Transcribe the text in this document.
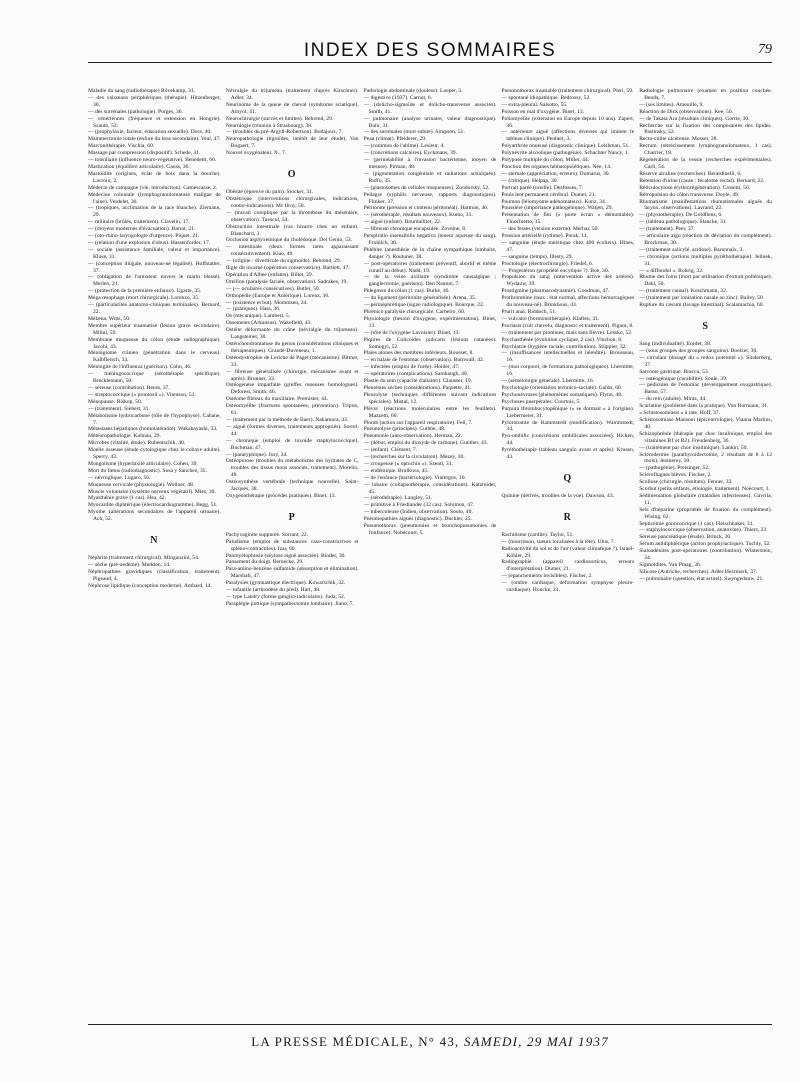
INDEX DES SOMMAIRES	79

Maladie du sang (radiothérapie) Rövekamp, 31.

— des vaisseaux périphériques (thérapie). Hitzenberger, 30.

— des surrénales (pathologie). Porges, 36.

— vénériennes (fréquence et extension en Hongrie). Szanto, 52.

— (prophylaxie, facteur, éducation sexuelle). Dora, 40.

Mammectomie totale (enfure du bras secondaire). Veal, 47.

Marconithérapie. Vischia, 60.

Massage par compression (dispositif). Schede, 31.

— tonsillaire (influence neuro-végétative). Benedetti, 60.

Mastication (équilibre articulaire). Gaoss, 36.

Mastoïdite (origines, éclat de bois dans la bouche). Lacroix, 2.

Médecin de campagne (vie, introduction). Camescasse, 2.

Médecine coloniale (lymphogranulomatose maligne de l'aine). Verdelet, 30.

— (tropiques, acclimation de la race blanche). Ziemann, 29.

— militaire (brûlés, traitement). Clavelin, 17.

— (moyens modernes d'évacuation). Barrat, 21.

— (oto-rhino-laryngologie d'urgence). Piquet, 21.

— (relation d'une explosion d'obus). Hassenforder, 17.

— sociale (assistance familiale, valeur et importance). Klose, 31.

— (conception illogale, nouveau-né légalisé). Hoffstatter, 37.

— (obligation de l'armateur envers le marin blessé). Merlen, 21.

— (protection de la première enfance). Ugarte, 35.

Méga œsophage (mort chirurgicale). Lorenzo, 35.

— (particularités anatomo-cliniques terminales). Bernard, 22.

Mélæna. Witts, 50.

Membre supérieur traumatisé (lésion grave secondaire). Millul, 59.

Membrane muqueuse du côlon (étude radiographique). Jacobi, 43.

Méningiome crânien (pénétration dans le cerveau). Kalbfleisch, 33.

Méningite de l'influenza (guérison). Cohn, 46.

— méningococcique (sérothérapie spécifique). Brecklemann, 50.

— séreuse (contribution). Reuss, 37.

— streptococcique (« prontosil »). Vitenson, 51.

Ménopause. Biskop, 50.

— (traitement). Siebert, 31.

Métabolisme hydrocarboné (rôle de l'hypophyse). Cahane, 7.

Métastases hépatiques (homolatéralité). Wakabayashi, 33.

Météoropathologie. Kuhnau, 29.

Microbes (vitalité, étude). Rubentschik, 40.

Moelle osseuse (étude cytologique chez le cobaye adulte). Sperry, 43.

Mongolisme (hyperlaxité articulaire). Cohen, 39.

Mort du fœtus (radiodiagnostic). Sosa y Sanchez, 35.

— névroglique. Lugaro, 56.

Muqueuse cervicale (physiologie). Wollner, 48.

Muscle volontaire (système nerveux végétatif). Mies, 30.

Myasthénie grave (1 cas). Hsu, 42.

Myocardite diphtérique (électrocardiogramme). Begg, 51.

Myome (altérations secondaires de l'appareil urinaire). Ach, 52.

N

Néphrite (traitement chirurgical). Minganzini, 54.

— sèche (pré-oedème). Merklen, 14.

Néphropathies gravidiques (classification, traitement). Pigeaud, 4.

Néphrose lipidique (conception moderne). Ambard, 14.

Névralgie du trijumeau (traitement d'après Kirschner). Adler, 34.

Neurinome de la queue de cheval (syndrome sciatique). Amyot, 41.

Neurochirurgie (succès et limites). Behrend, 29.

Neurologie (réunion à Strasbourg). 38.

— (troubles du pré-Argyll-Robertson). Budajoux, 7.

Neuropathologie (tigroïdes, intérêt de leur étude). Van Bogaert, 7.

Nouvel oxygénateur. X., 7.

O

Obésité (épreuve du pain). Stocker, 31.

Obstétrique (interventions chirurgicales, indications, contre-indications). Mc Ilroy, 50.

— (travail compliqué par la thrombose du mésentère, observation). Tuescol, 54.

Obstruction intestinale (cas bizarre chez un enfant). Blanchard, 3.

Occlusion asphyxemique du cholédoque. Del Genio, 53.

— intestinale (deux formes rares apparaissant consécutivement). Kiao, 49.

— (origine : diverticule du sigmoïde). Behrend, 29.

Œgle dit incarné (opération conservatrice). Bartlett, 47.

Opération d'Albee (enfants). Billet, 39.

Oreillon (paralysie faciale, observation). Sadrakes, 19.

— (— oculaires consécutives). Butler, 50.

Orthopédie (Europe et Amérique). Lorenz, 36.

— (existence et but). Mommsen, 24.

— (pratiques). Hass, 36.

Os (mécanique). Lambert, 5.

Ossements (Arkansus). Wakefield, 43.

Ostéite déformante du crâne (névralgie du trijumeau). Langsteiner, 30.

Ostéochondromatose du genou (considérations cliniques et thérapeutiques). Grande-Duveneau, 1.

Ostéodystrophie de Leriche de Paget (mécanisme). Bittner, 33.

— fibreuse généralisée (chirurgie, mécanisme avant et après). Brunner, 33.

Ostéogenèse imparfaite (greffes osseuses homologues). Deforest, Smith, 46.

Ostéome fibreux du maxillaire. Premister, 44.

Ostéomyélite (fractures spontanées, prévention). Tripon, 61.

— (traitement par la méthode de Baer). Nakamura, 33.

— aiguë (formes diverses, traitements appropriés). Sorrel, 44.

— chronique (emploi de toxoïde staphylococcique). Buchman, 47.

— (paratyphique). Jury, 34.

Ostéoporose (troubles du métabolisme des hydrates de C, troubles des tissus mous associés, traitement). Morelio, 48.

Ostéosynthèse vertébrale (technique nouvelle). Saint-Jacques, 38.

Oxygénothérapie (procédés pratiques). Binet, 13.

P

Pachyvaginite suppurée. Sorrant, 22.

Paludisme (emploi de substances vaso-constrictives et spléno-contractiles). Izar, 60.

Panmyélophtisie (séylose aiguë associée). Binder, 30.

Pansement du doigt. Bernecke, 29.

Para-amino-benzène sulfamide (absorption et élimination). Marshall, 47.

Paralysies (gymnastique électrique). Kowarschik, 32.

— infantile (arthrodèse du pied). Hart, 48.

— type Landry (forme ganglio-radiculaire). Juda, 52.

Paraplégie pottique (sympathectomie lombaire). Jiano, 7.

Pathologie abdominale (douleur). Loeper, 3.

— digestive (1937). Carnot, 6.

— (dolicho-sigmoïde et dolicho-transverse associés). Smith, 41.

— pulmonaire (analyse urinaire, valeur diagnostique). Buhr, 31.

— des surrénales (mort subite). Simpson, 51.

Peau (climat). Pfeiderer, 29.

— (commun de l'abîme). Lesieur, 4.

— (concrétions calcaires). Eyckmans, 39.

— (perméabilité à l'invasion bactérienne, moyen de mesure). Pirman, 48.

— (pigmentation congénitale et radiations actiniques). Ruffo, 35.

— (plastosomes de cellules muqueuses). Zoodorsky, 52.

Pellagre (syphilis nerveuse, rapports diagnostiques). Flinker, 37.

Péritonite (pression et contenu péritonéal). Harmon, 46.

— (sérothérapie, résultats nouveaux). Kumo, 31.

— aiguë (enfant). Bourdaillier, 22.

— fibreuse chronique encapsulée. Zoveine, 8.

Perspiratio insensibilis negativa (teneur aqueuse du sang). Frohlich, 36.

Phlébite (anesthésie de la chaîne sympathique lombaire, danger ?). Routuner, 38.

— post-opératoires (traitement préventif, abortif et même curatif au début). Nadd, 19.

— de la veine axillaire (syndrome causalgique ; ganglectomie, guérison). Den Nauton, 7.

Phlegmon du côlon (1 cas). Burke, 46.

— du ligament (péritonite généralisée). Arena, 35.

— périnéphrétique (signe radiologique). Bourque, 22.

Phrénico paralysie chirurgicale. Carbeiro, 60.

Physiologie (besoin d'oxygène, expérimentation). Binet, 13.

— (rôle de l'oxygène Lavoisier). Binet, 13.

Piqûres de Culicoides pulicaris (lésions cutanées). Somogyi, 52.

Plaies atones des membres inférieurs. Rousset, 8.

— en balaie de l'estomac (observation). Burnwall, 42.

— infectées (emploi de l'urée). Holder, 47.

— opératoires (complications). Sambaugh, 48.

Plastie du sein (capacité d'allaiter). Glausser, 19.

Pleurésies sèches (considérations). Paquette, 41.

Pleurolyse (techniques différentes suivant indications spéciales). Mistal, 12.

Plèvre (réactions moléculaires entre les feuillets). Mazzetti, 60.

Plomb (action sur l'appareil respiratoire). Feil, 7.

Pneumolyse (principes). Cuthbe, 48.

Pneumonie (auto-observation). Herman, 22.

— (début, emploi du dioxyde de carbone). Gunther, 43.

— (enfant). Clément, 7.

— (recherches sur la circulation). Mezey, 30.

— croupeuse (« optochin »). Szenti, 31.

— endémique. Brullowa, 45.

— de l'enfance (bactériologie). Vintergov, 10.

— lobaire (collapsothérapie, considérations). Katzreider, 45.

— (sérothérapie). Langley, 51.

— primitive à Friedlander (32 cas). Solomon, 47.

— tuberculeuse (Indien, observation). Souto, 40.

Pneumopathies aiguës (diagnostic). Duckler, 25.

Pneumothorax (pneumonies et bronchopneumonies de l'enfance). Nobécourt, 5.

Pneumothorax insatiable (traitement chirurgical). Pieri, 59.

— spontané idiopathique. Bedrossy, 52.

— extra-pleural. Salsotto, 55.

Poisson en mal d'oxygène. Binet, 13.

Poliomyélite (extension en Europe depuis 10 ans). Zapert, 36.

— antérieure aiguë (affections diverses qui imitent le tableau clinique). Penhert, 3.

Polyarthrite noueuse (diagnostic clinique). Leishman, 51.

Polynévrite alcoolique (pathogénie). Schachter Nancy, 1.

Polypose multiple du côlon. Miller, 44.

Ponction des organes hématopoïétiques. Née, 14.

— sternale (appréciation, erreurs). Domarus, 30.

— (critique). Helpap, 30.

Portrait paréé (oreille). Desfosses, 7.

Pouls lent permanent cérébral. Dumer, 21.

Poumon (léiomyome adénomateux). Kunz, 34.

Poussière (importance pathogénique). Watjen, 29.

Présentation de fîm (« porte écran » démontable). Finochietto, 35.

— des fesses (version externe). Merhar, 50.

Pression artérielle (rythme). Porak, 11.

— sanguine (étude statistique chez 400 écoliers). Hines, 47.

— sanguine (temps). Illesty, 29.

Proctologie (électrochirurgie). Friedel, 6.

— Progestéron (propriété eucytique ?). Boe, 30.

Propulsion du sang (intervention active des artères). Wydauw, 39.

Prostigmine (pharmacodynamie). Goodman, 47.

Prothrombine (taux : état normal, affections hémorragiques du nouveau-né). Brinkhous, 43.

Prurit anal. Riddoch, 51.

— vulvaire (hormonothérapie). Klaften, 31.

Psoriasis (cuir chevelu, diagnostic et traitement). Pignot, 8.

— (traitement par protéines, mais sans fièvre). Lessko, 52.

Psychasthénie (évolution cyclique, 2 cas). Vinchon, 8.

Psychiatrie (hygiène raciale, contribution). Stüppler, 32.

— (insuffisances intellectuelles et hérédité). Brousseau, 16.

— (moi corporel, de formations pathologiques). Lhermitte, 16.

— (séméiologie générale). Lhermitte, 16.

Psychologie (orientation technico-sociale). Galdo, 60.

Psychonévroses (phénomènes somatiques). Flynn, 48.

Psychoses puerpérales. Courtois, 5.

Purpura thrombocytopénique (« se dormait » à l'origine). Liebermeier, 31.

Pylorotomie de Rammstedt (modification). Wammstedt, 34.

Pyo-ombilic (concrétions ombilicales associées). Hicken, 44.

Pyréthothérapie (tableau sanguin avant et après). Krusen, 43.

Q

Quinine (dérivés, troubles de la vue). Dawson, 43.

R

Rachitisme (cardite). Taylor, 51.

— (nourrisson, sueurs localisées à la tête). Ulus, 7.

Radioactivité du sol et de l'air (valeur climatique ?). Israel-Köhler, 29.

Radiographie (appareil cardiosorticus, erreurs d'interprétation). Dumer, 21.

— (épanchements invisibles). Fischer, 2.

— (ombre cardiaque, déformation symphyse pleuro-cardiaque). Houcke, 21.

Radiologie pulmonaire (examen en position couchée. Benda, 7.

— (ses limites). Ameuille, 9.

Réaction de Dick (observations). Kee, 50.

— de Takata Ara (résultats cliniques). Gorrie, 30.

Recherche sur la fixation des composantes des lipides. Pastinsky, 52.

Recto-colite ulcéreuse. Mosser, 28.

Rectum (rétrécissement lymphogranulomateux, 1 cas). Charrier, 18.

Régénération de la vessie (recherches expérimentales). Carli, 54.

Réserve alcaline (recherches). Berardinelli, 6.

Rétention d'urine (cause : fécalome rectal). Bernard, 22.

Réticulocytose érythrorégénération). Crosetti, 56.

Rétropulsion du côlon transverse. Doyle, 49.

Rhumatisme (manifestations rhumatismales aiguës du larynx, observations). Lavrand, 22.

— (physiothérapie). De Goldfiens, 6.

— (tableau pathologique). Slancke, 31.

— (traitement). Peer, 37.

— articulaire aigu (réaction de déviation du complément). Brockman, 30.

— (traitement salicylé, acidose). Baronnaix, 3.

— chronique (actions multiples pyréthothérapie). Jelinek, 31.

— « diffondol ». Rohrig, 32.

Rhume des foins (mort par utilisation d'extrait pollénique). Dahl, 50.

— (traitement causal). Koschmann, 32.

— (traitement par ionisation nasale au zinc). Bailey, 50.

Rupture du cæcum (lavage intestinal). Scalamachia, 60.

S

Sang (individualité). Eordet, 38.

— (sous groupes des groupes sanguins). Boelzer, 30.

— circulant (dosage du « redox potentiel »). Sinderberg, 37.

Sarcome gastrique. Braccu, 53.

— ostéogénique (curabilité). Soule, 39.

— pédicules de l'estomac (développement exogastrique). Basso, 57.

— du rein (adulte). Mintz, 44.

Scarlatine (problème dans la pratique). Von Bormann, 31.

« Schistosomiasis » à rate. Hoff, 37.

Schistosomiase Mansoni (épicentrologie). Vianna Martins, 40.

Schizophrénie (thérapie par choc insulinique, emploi des vitamines B1 et B2). Freudenberg, 36.

— (traitement par choc insulinique). Lankin, 50.

Sclérodermie (parathyroïdectomie, 2 résultats de 8 à 12 mois). Jenmerey, 10.

— (pathogénie). Preisinger, 52.

Scléroflugues blèves. Fischer, 2.

Scoliose (chirurgie, résultats). Fenner, 33.

Scorbut (petits enfants, étiologie, traitement). Noëcourt, 3.

Sédimentation globulaire (maladies infectieuses). Gavrila, 11.

Sels d'héparine (propriétés de fixation du complément). Wising, 62.

Septicémie gonococcique (1 cas). Fleischhaker, 31.

— staphylococcique (observation, anatoxine). Thiers, 23.

Séreuse pancréatique (étude). Brinck, 30.

Sérum antidiphtérique (action prophylactique). Tuchly, 52.

Sialoadénites post-opératoires (contribution). Winterstein, 34.

Sigmoïdites. Van Praag, 36.

Silicose (Autriche, recherches). Adler Herzmark, 37.

— pulmonaire (question, état actuel). Swyngedauw, 21.

LA PRESSE MÉDICALE, N° 43, SAMEDI, 29 MAI 1937
